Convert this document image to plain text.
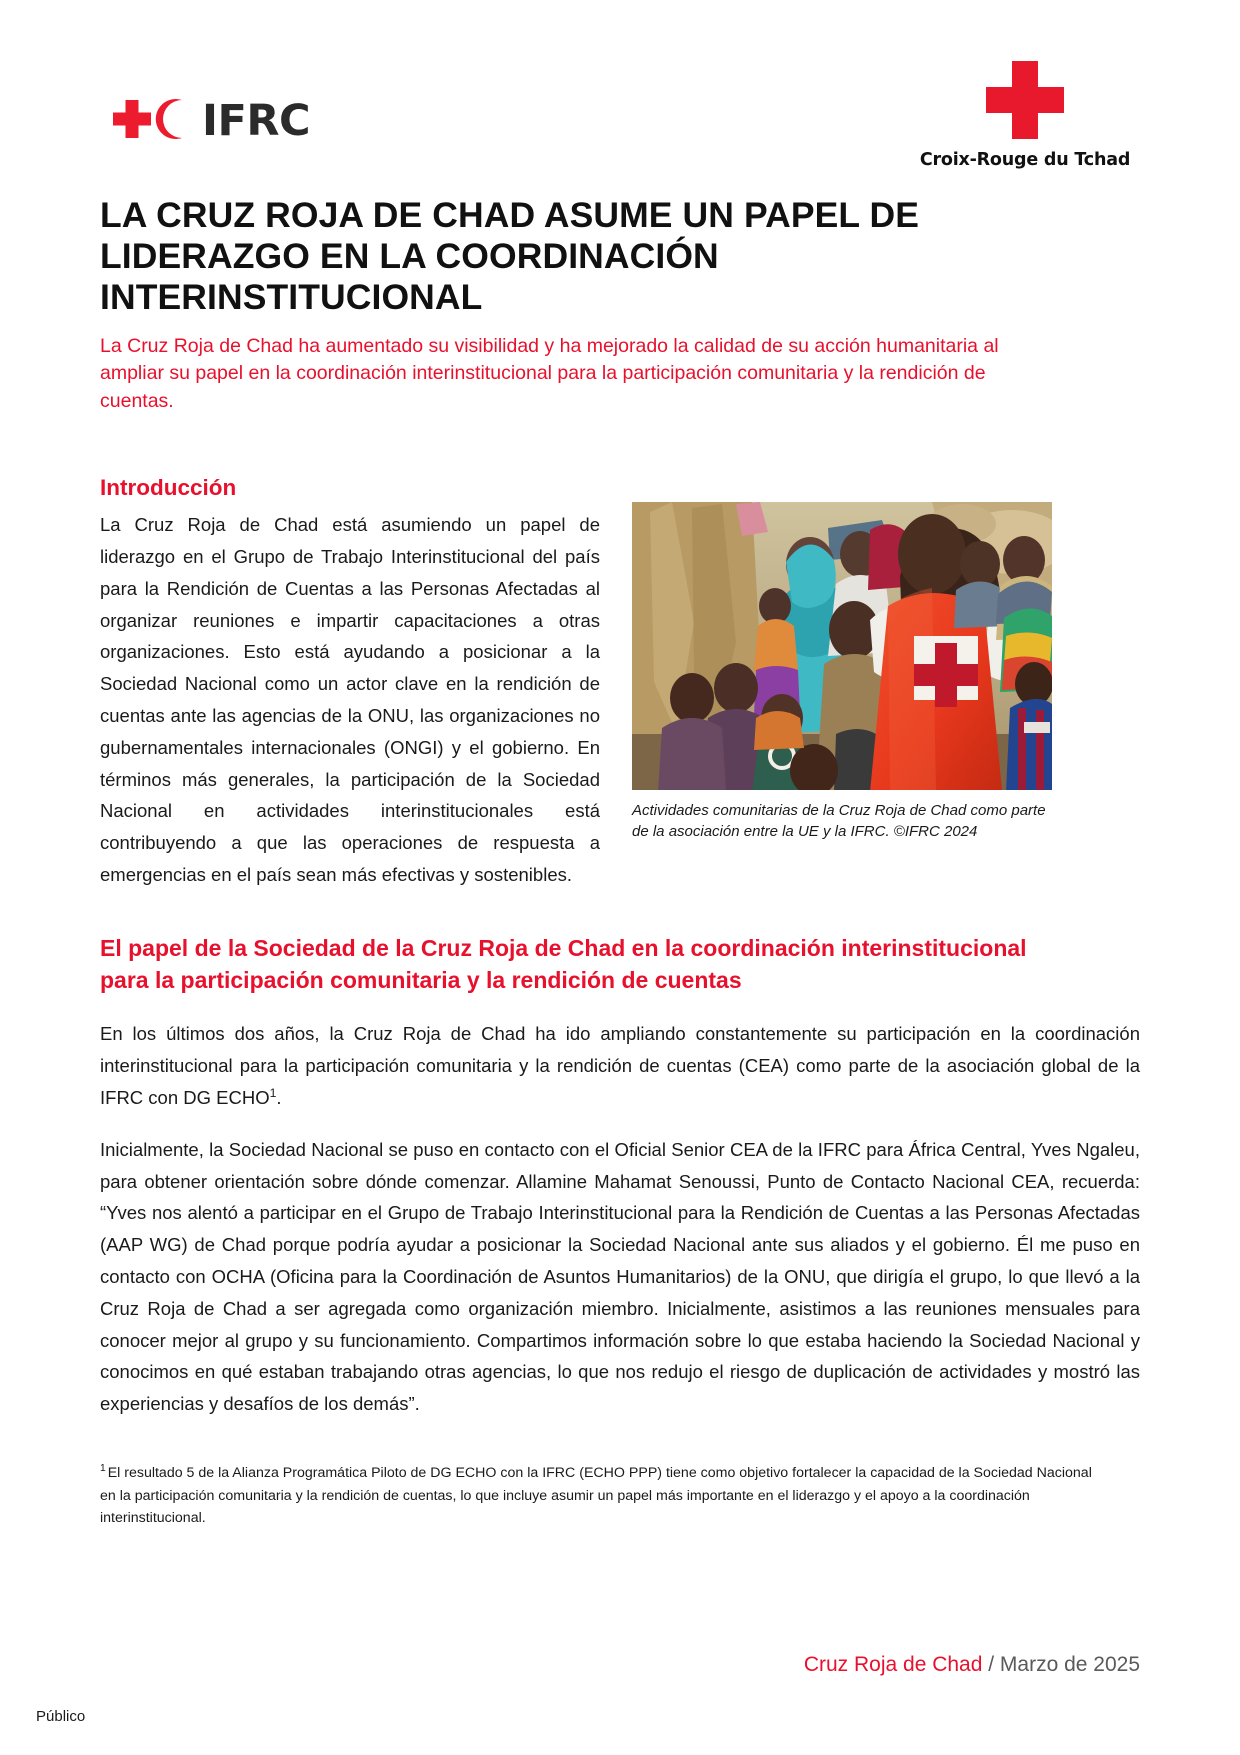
IFRC
Croix-Rouge du Tchad
LA CRUZ ROJA DE CHAD ASUME UN PAPEL DE LIDERAZGO EN LA COORDINACIÓN INTERINSTITUCIONAL

La Cruz Roja de Chad ha aumentado su visibilidad y ha mejorado la calidad de su acción humanitaria al ampliar su papel en la coordinación interinstitucional para la participación comunitaria y la rendición de cuentas.

Introducción

La Cruz Roja de Chad está asumiendo un papel de liderazgo en el Grupo de Trabajo Interinstitucional del país para la Rendición de Cuentas a las Personas Afectadas al organizar reuniones e impartir capacitaciones a otras organizaciones. Esto está ayudando a posicionar a la Sociedad Nacional como un actor clave en la rendición de cuentas ante las agencias de la ONU, las organizaciones no gubernamentales internacionales (ONGI) y el gobierno. En términos más generales, la participación de la Sociedad Nacional en actividades interinstitucionales está contribuyendo a que las operaciones de respuesta a emergencias en el país sean más efectivas y sostenibles.

Actividades comunitarias de la Cruz Roja de Chad como parte de la asociación entre la UE y la IFRC. ©IFRC 2024
El papel de la Sociedad de la Cruz Roja de Chad en la coordinación interinstitucional para la participación comunitaria y la rendición de cuentas

En los últimos dos años, la Cruz Roja de Chad ha ido ampliando constantemente su participación en la coordinación interinstitucional para la participación comunitaria y la rendición de cuentas (CEA) como parte de la asociación global de la IFRC con DG ECHO$^1$.

Inicialmente, la Sociedad Nacional se puso en contacto con el Oficial Senior CEA de la IFRC para África Central, Yves Ngaleu, para obtener orientación sobre dónde comenzar. Allamine Mahamat Senoussi, Punto de Contacto Nacional CEA, recuerda: “Yves nos alentó a participar en el Grupo de Trabajo Interinstitucional para la Rendición de Cuentas a las Personas Afectadas (AAP WG) de Chad porque podría ayudar a posicionar la Sociedad Nacional ante sus aliados y el gobierno. Él me puso en contacto con OCHA (Oficina para la Coordinación de Asuntos Humanitarios) de la ONU, que dirigía el grupo, lo que llevó a la Cruz Roja de Chad a ser agregada como organización miembro. Inicialmente, asistimos a las reuniones mensuales para conocer mejor al grupo y su funcionamiento. Compartimos información sobre lo que estaba haciendo la Sociedad Nacional y conocimos en qué estaban trabajando otras agencias, lo que nos redujo el riesgo de duplicación de actividades y mostró las experiencias y desafíos de los demás”.

$^1$ El resultado 5 de la Alianza Programática Piloto de DG ECHO con la IFRC (ECHO PPP) tiene como objetivo fortalecer la capacidad de la Sociedad Nacional en la participación comunitaria y la rendición de cuentas, lo que incluye asumir un papel más importante en el liderazgo y el apoyo a la coordinación interinstitucional.
Cruz Roja de Chad / Marzo de 2025
Público
